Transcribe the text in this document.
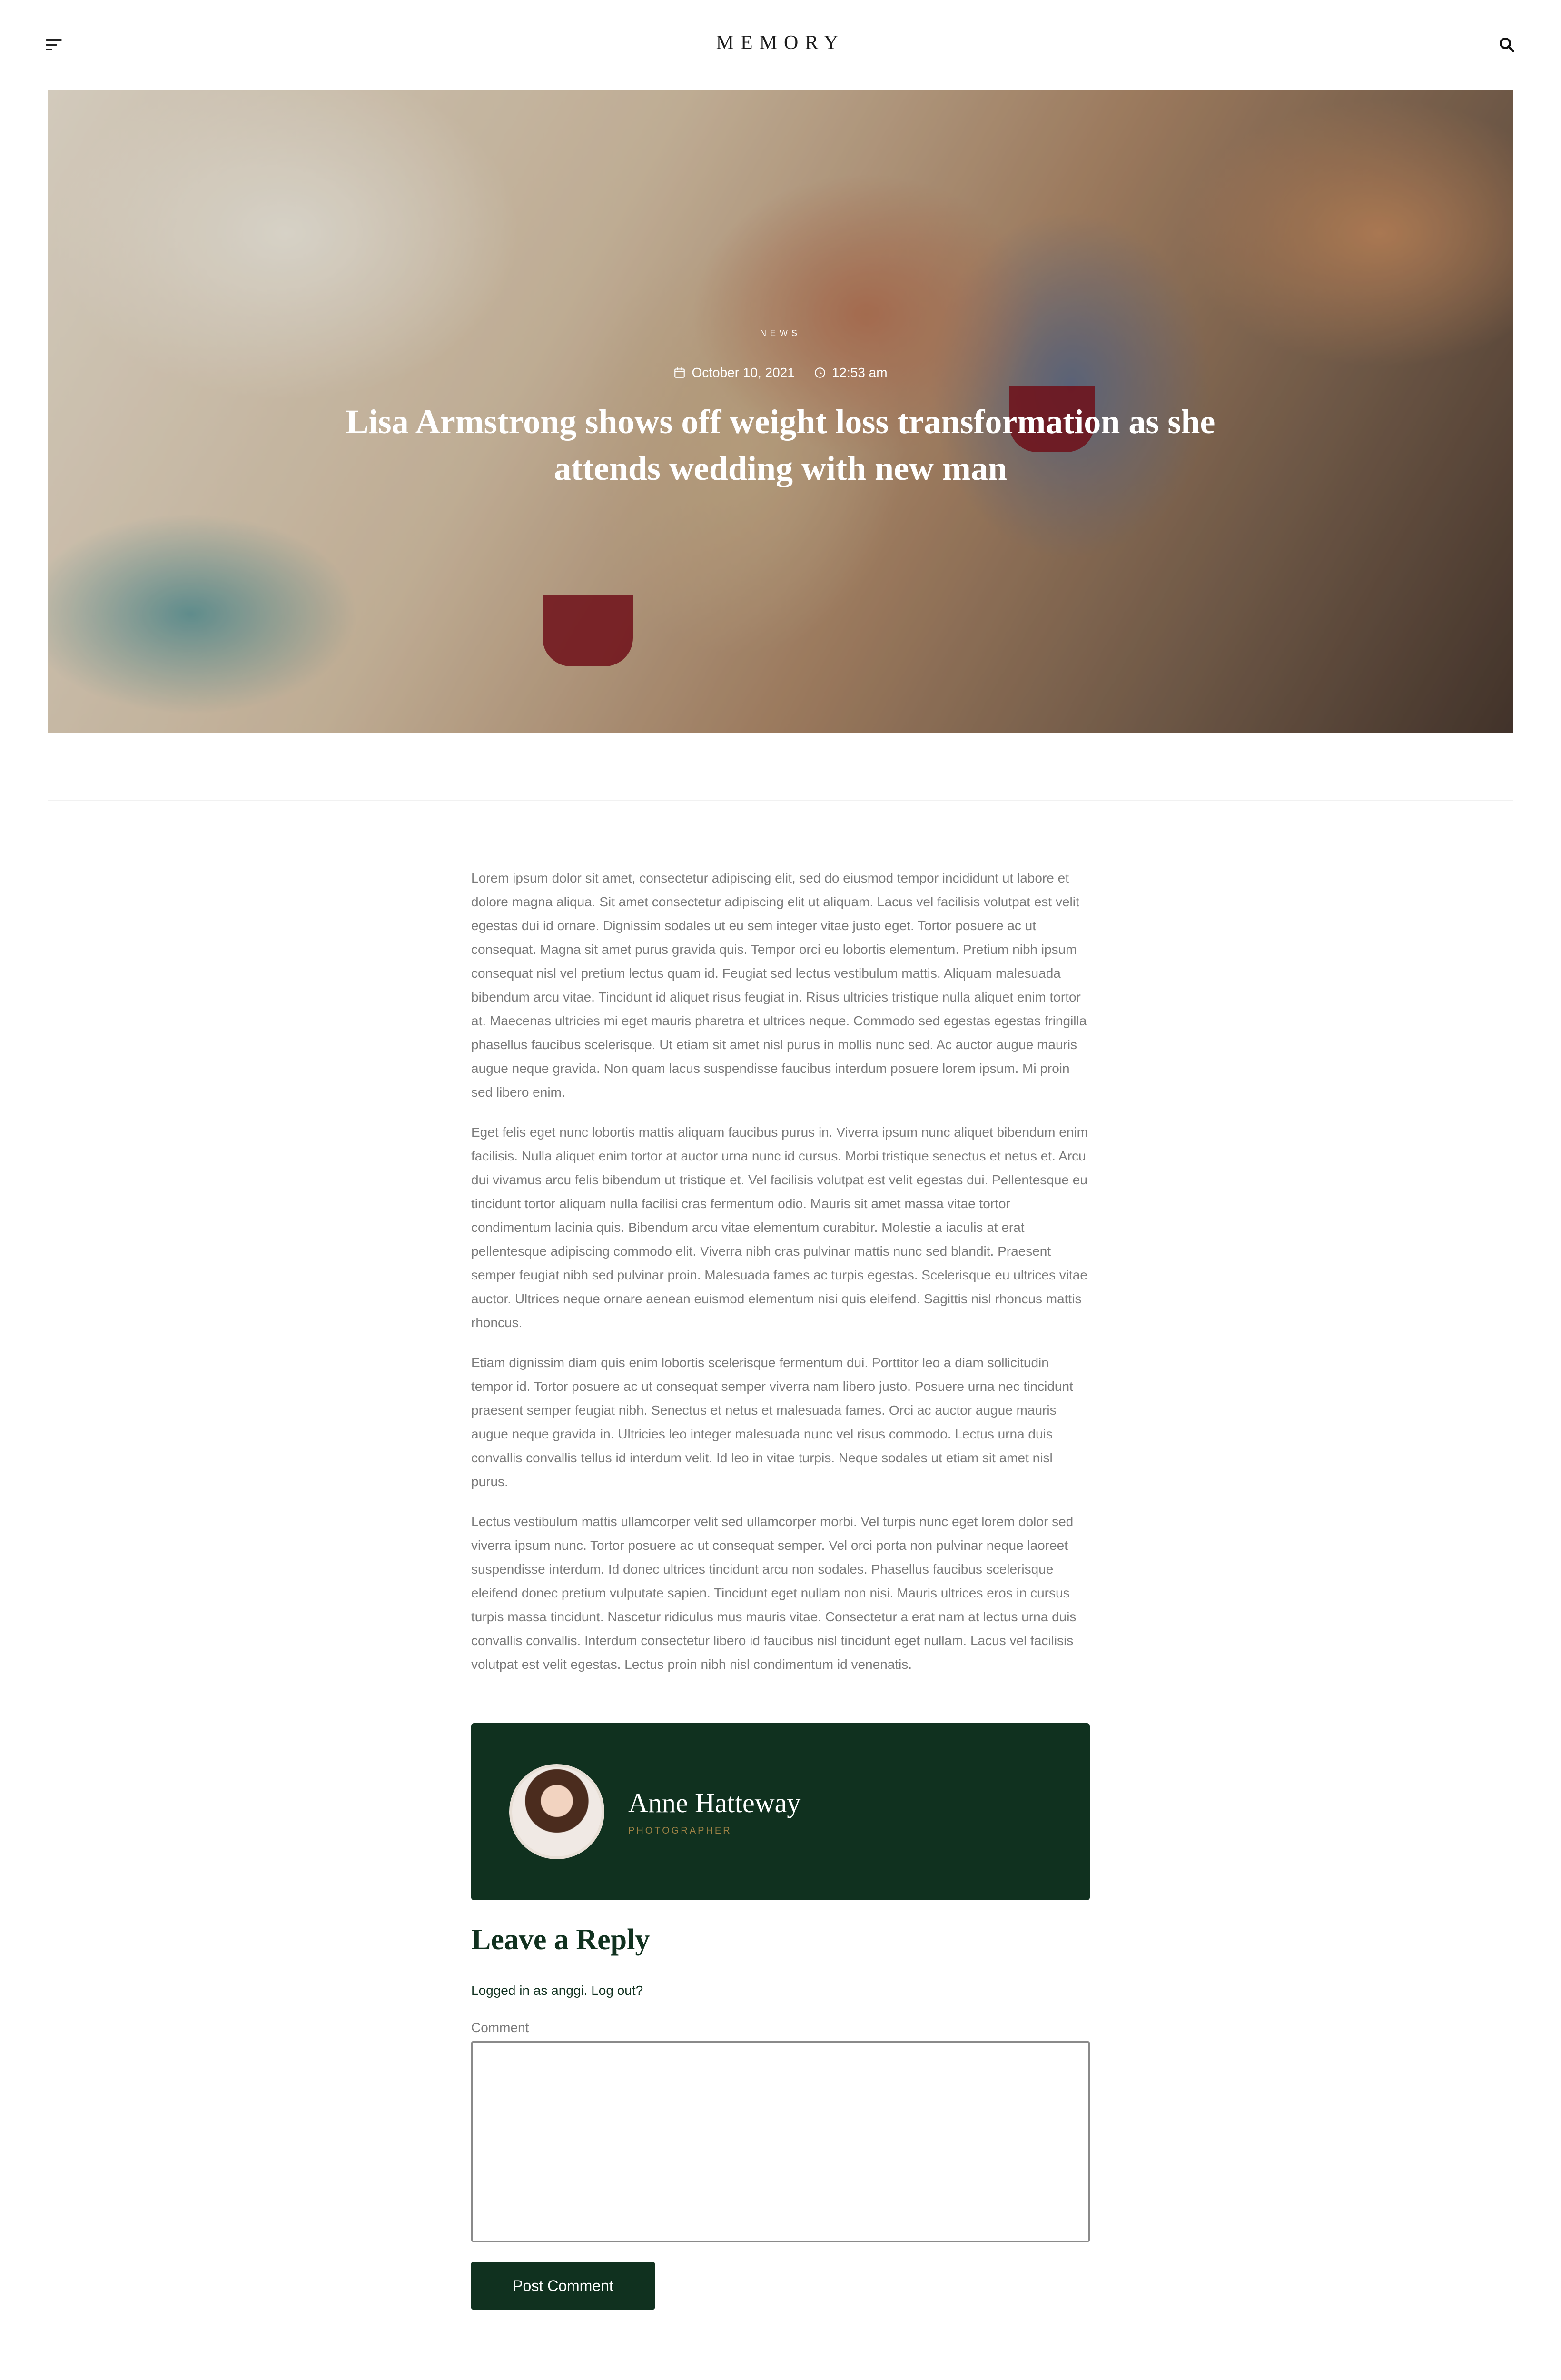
MEMORY
NEWS
October 10, 2021	12:53 am
Lisa Armstrong shows off weight loss transformation as she attends wedding with new man

Lorem ipsum dolor sit amet, consectetur adipiscing elit, sed do eiusmod tempor incididunt ut labore et dolore magna aliqua. Sit amet consectetur adipiscing elit ut aliquam. Lacus vel facilisis volutpat est velit egestas dui id ornare. Dignissim sodales ut eu sem integer vitae justo eget. Tortor posuere ac ut consequat. Magna sit amet purus gravida quis. Tempor orci eu lobortis elementum. Pretium nibh ipsum consequat nisl vel pretium lectus quam id. Feugiat sed lectus vestibulum mattis. Aliquam malesuada bibendum arcu vitae. Tincidunt id aliquet risus feugiat in. Risus ultricies tristique nulla aliquet enim tortor at. Maecenas ultricies mi eget mauris pharetra et ultrices neque. Commodo sed egestas egestas fringilla phasellus faucibus scelerisque. Ut etiam sit amet nisl purus in mollis nunc sed. Ac auctor augue mauris augue neque gravida. Non quam lacus suspendisse faucibus interdum posuere lorem ipsum. Mi proin sed libero enim.

Eget felis eget nunc lobortis mattis aliquam faucibus purus in. Viverra ipsum nunc aliquet bibendum enim facilisis. Nulla aliquet enim tortor at auctor urna nunc id cursus. Morbi tristique senectus et netus et. Arcu dui vivamus arcu felis bibendum ut tristique et. Vel facilisis volutpat est velit egestas dui. Pellentesque eu tincidunt tortor aliquam nulla facilisi cras fermentum odio. Mauris sit amet massa vitae tortor condimentum lacinia quis. Bibendum arcu vitae elementum curabitur. Molestie a iaculis at erat pellentesque adipiscing commodo elit. Viverra nibh cras pulvinar mattis nunc sed blandit. Praesent semper feugiat nibh sed pulvinar proin. Malesuada fames ac turpis egestas. Scelerisque eu ultrices vitae auctor. Ultrices neque ornare aenean euismod elementum nisi quis eleifend. Sagittis nisl rhoncus mattis rhoncus.

Etiam dignissim diam quis enim lobortis scelerisque fermentum dui. Porttitor leo a diam sollicitudin tempor id. Tortor posuere ac ut consequat semper viverra nam libero justo. Posuere urna nec tincidunt praesent semper feugiat nibh. Senectus et netus et malesuada fames. Orci ac auctor augue mauris augue neque gravida in. Ultricies leo integer malesuada nunc vel risus commodo. Lectus urna duis convallis convallis tellus id interdum velit. Id leo in vitae turpis. Neque sodales ut etiam sit amet nisl purus.

Lectus vestibulum mattis ullamcorper velit sed ullamcorper morbi. Vel turpis nunc eget lorem dolor sed viverra ipsum nunc. Tortor posuere ac ut consequat semper. Vel orci porta non pulvinar neque laoreet suspendisse interdum. Id donec ultrices tincidunt arcu non sodales. Phasellus faucibus scelerisque eleifend donec pretium vulputate sapien. Tincidunt eget nullam non nisi. Mauris ultrices eros in cursus turpis massa tincidunt. Nascetur ridiculus mus mauris vitae. Consectetur a erat nam at lectus urna duis convallis convallis. Interdum consectetur libero id faucibus nisl tincidunt eget nullam. Lacus vel facilisis volutpat est velit egestas. Lectus proin nibh nisl condimentum id venenatis.

Anne Hatteway
PHOTOGRAPHER
Leave a Reply
Logged in as anggi. Log out?
Comment
Post Comment
